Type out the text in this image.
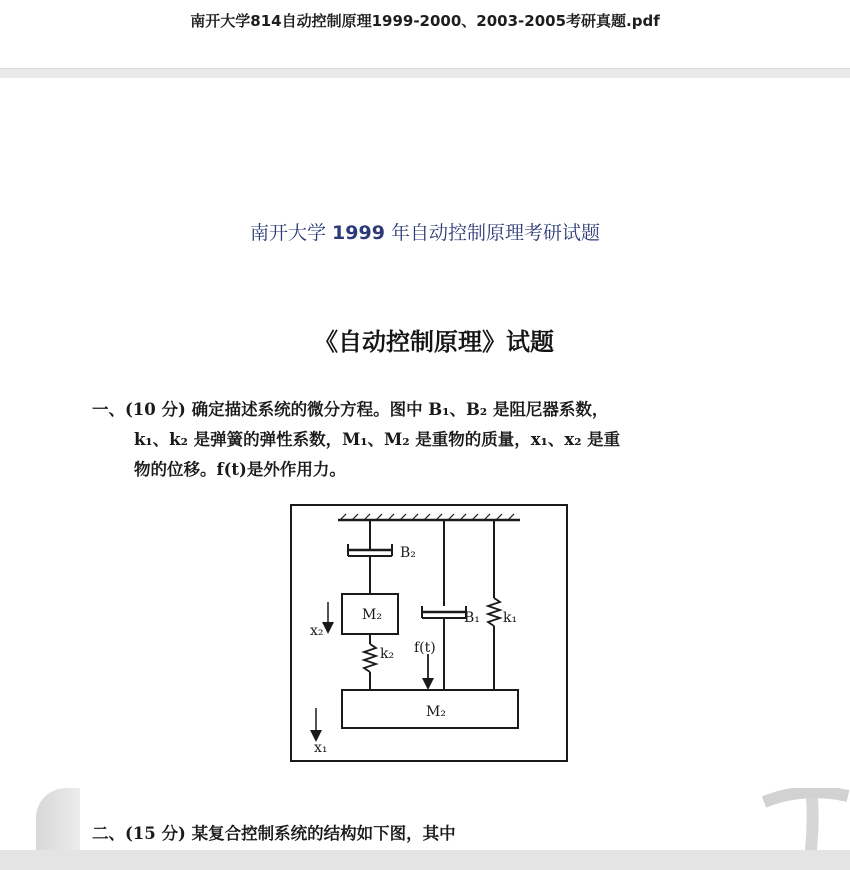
南开大学814自动控制原理1999-2000、2003-2005考研真题.pdf
南开大学 1999 年自动控制原理考研试题
《自动控制原理》试题
一、(10 分) 确定描述系统的微分方程。图中 B₁、B₂ 是阻尼器系数，
k₁、k₂ 是弹簧的弹性系数，M₁、M₂ 是重物的质量，x₁、x₂ 是重
物的位移。f(t)是外作用力。
B₂
M₂	B₁ k₁
x₂
k₂ f(t)
M₂
x₁
二、(15 分) 某复合控制系统的结构如下图，其中
